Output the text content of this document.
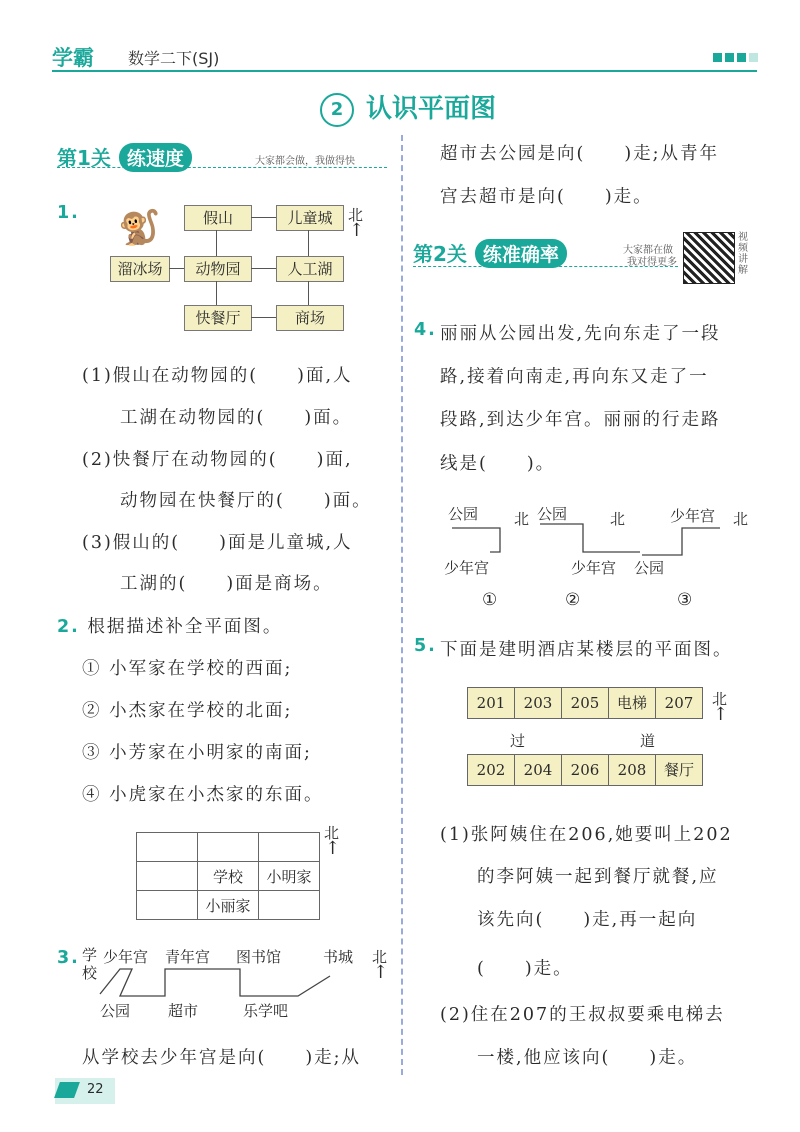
学霸 数学二下(SJ)
2 认识平面图
第1关 练速度	大家都会做，我做得快
1. 🐒	假山	儿童城
溜冰场	动物园	人工湖
快餐厅	商场
北
↑
(1)假山在动物园的(　　)面,人
工湖在动物园的(　　)面。
(2)快餐厅在动物园的(　　)面,
动物园在快餐厅的(　　)面。
(3)假山的(　　)面是儿童城,人
工湖的(　　)面是商场。
2. 根据描述补全平面图。
① 小军家在学校的西面;
② 小杰家在学校的北面;
③ 小芳家在小明家的南面;
④ 小虎家在小杰家的东面。

	学校	小明家
	小丽家	
北
↑
3. 学校
少年宫 青年宫 图书馆	书城 北
↑
公园	超市	乐学吧
从学校去少年宫是向(　　)走;从
超市去公园是向(　　)走;从青年
宫去超市是向(　　)走。
第2关 练准确率	大家都在做
我对得更多
视频讲解
4. 丽丽从公园出发,先向东走了一段
路,接着向南走,再向东又走了一
段路,到达少年宫。丽丽的行走路
线是(　　)。
公园
少年宫
公园
少年宫
少年宫
公园
北	北	北
①	②	③
5. 下面是建明酒店某楼层的平面图。
201	203	205	电梯	207
过	道
202	204	206	208	餐厅
北
↑
(1)张阿姨住在206,她要叫上202
的李阿姨一起到餐厅就餐,应
该先向(　　)走,再一起向
(　　)走。
(2)住在207的王叔叔要乘电梯去
一楼,他应该向(　　)走。
22
